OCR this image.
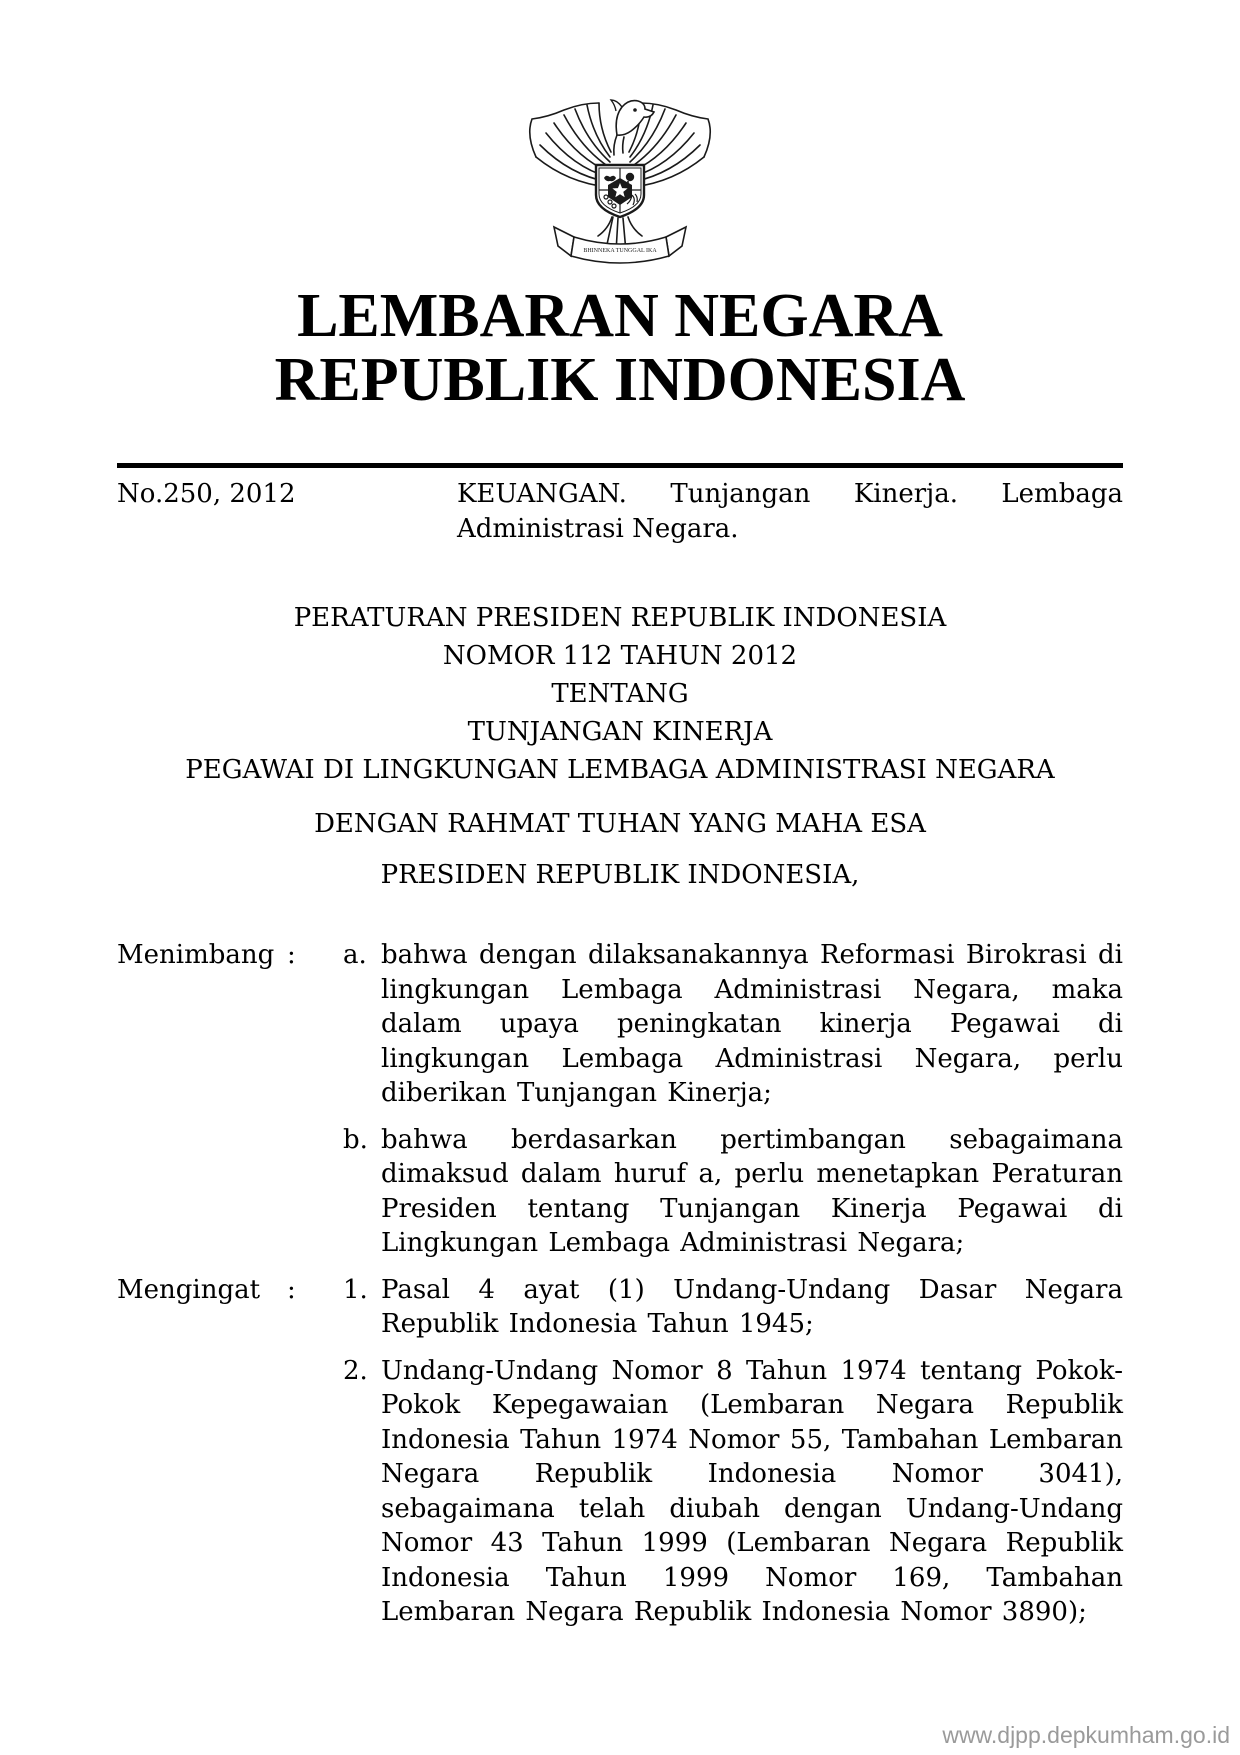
BHINNEKA TUNGGAL IKA
LEMBARAN NEGARA
REPUBLIK INDONESIA
No.250, 2012	KEUANGAN. Tunjangan Kinerja. Lembaga Administrasi Negara.
PERATURAN PRESIDEN REPUBLIK INDONESIA
NOMOR 112 TAHUN 2012
TENTANG
TUNJANGAN KINERJA
PEGAWAI DI LINGKUNGAN LEMBAGA ADMINISTRASI NEGARA
DENGAN RAHMAT TUHAN YANG MAHA ESA
PRESIDEN REPUBLIK INDONESIA,
Menimbang :	a. bahwa dengan dilaksanakannya Reformasi Birokrasi di lingkungan Lembaga Administrasi Negara, maka dalam upaya peningkatan kinerja Pegawai di lingkungan Lembaga Administrasi Negara, perlu diberikan Tunjangan Kinerja;
b. bahwa berdasarkan pertimbangan sebagaimana dimaksud dalam huruf a, perlu menetapkan Peraturan Presiden tentang Tunjangan Kinerja Pegawai di Lingkungan Lembaga Administrasi Negara;
Mengingat	:	1. Pasal 4 ayat (1) Undang-Undang Dasar Negara Republik Indonesia Tahun 1945;
2. Undang-Undang Nomor 8 Tahun 1974 tentang Pokok-Pokok Kepegawaian (Lembaran Negara Republik Indonesia Tahun 1974 Nomor 55, Tambahan Lembaran Negara Republik Indonesia Nomor 3041), sebagaimana telah diubah dengan Undang-Undang Nomor 43 Tahun 1999 (Lembaran Negara Republik Indonesia Tahun 1999 Nomor 169, Tambahan Lembaran Negara Republik Indonesia Nomor 3890);
www.djpp.depkumham.go.id
